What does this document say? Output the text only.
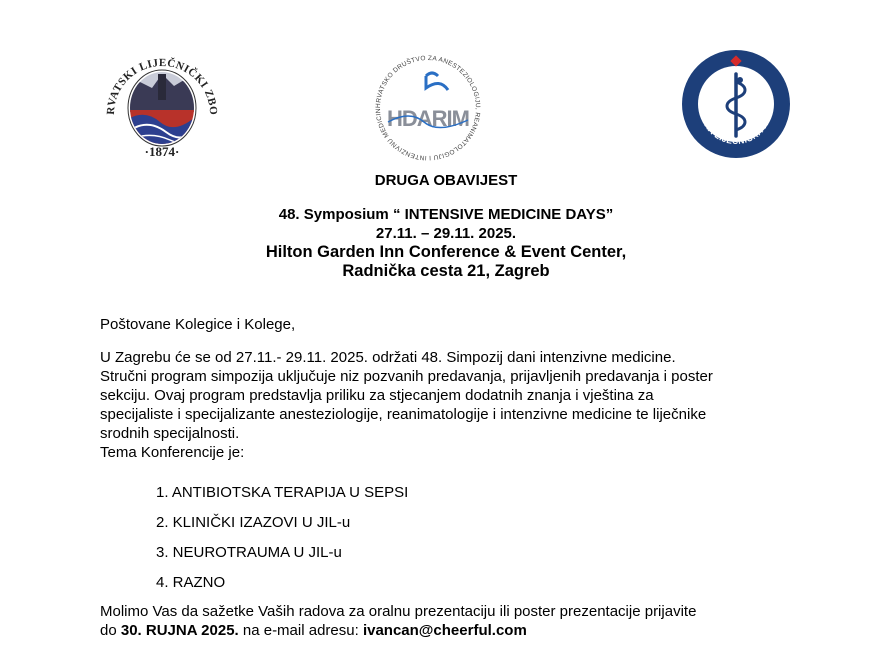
RVATSKI LIJEČNIČKI ZBO
·1874·
HRVATSKO DRUŠTVO ZA ANESTEZIOLOGIJU, REANIMATOLOGIJU I INTENZIVNU MEDICIN HDARIM	ATSKA LIJEČNIČKA KOM
DRUGA OBAVIJEST
48. Symposium “ INTENSIVE MEDICINE DAYS”
27.11. – 29.11. 2025.
Hilton Garden Inn Conference & Event Center,
Radnička cesta 21, Zagreb
Poštovane Kolegice i Kolege,
U Zagrebu će se od 27.11.- 29.11. 2025. održati 48. Simpozij dani intenzivne medicine.
Stručni program simpozija uključuje niz pozvanih predavanja, prijavljenih predavanja i poster
sekciju. Ovaj program predstavlja priliku za stjecanjem dodatnih znanja i vještina za
specijaliste i specijalizante anesteziologije, reanimatologije i intenzivne medicine te liječnike
srodnih specijalnosti.
Tema Konferencije je:
1. ANTIBIOTSKA TERAPIJA U SEPSI
2. KLINIČKI IZAZOVI U JIL-u
3. NEUROTRAUMA U JIL-u
4. RAZNO
Molimo Vas da sažetke Vaših radova za oralnu prezentaciju ili poster prezentacije prijavite
do 30. RUJNA 2025. na e-mail adresu: ivancan@cheerful.com
